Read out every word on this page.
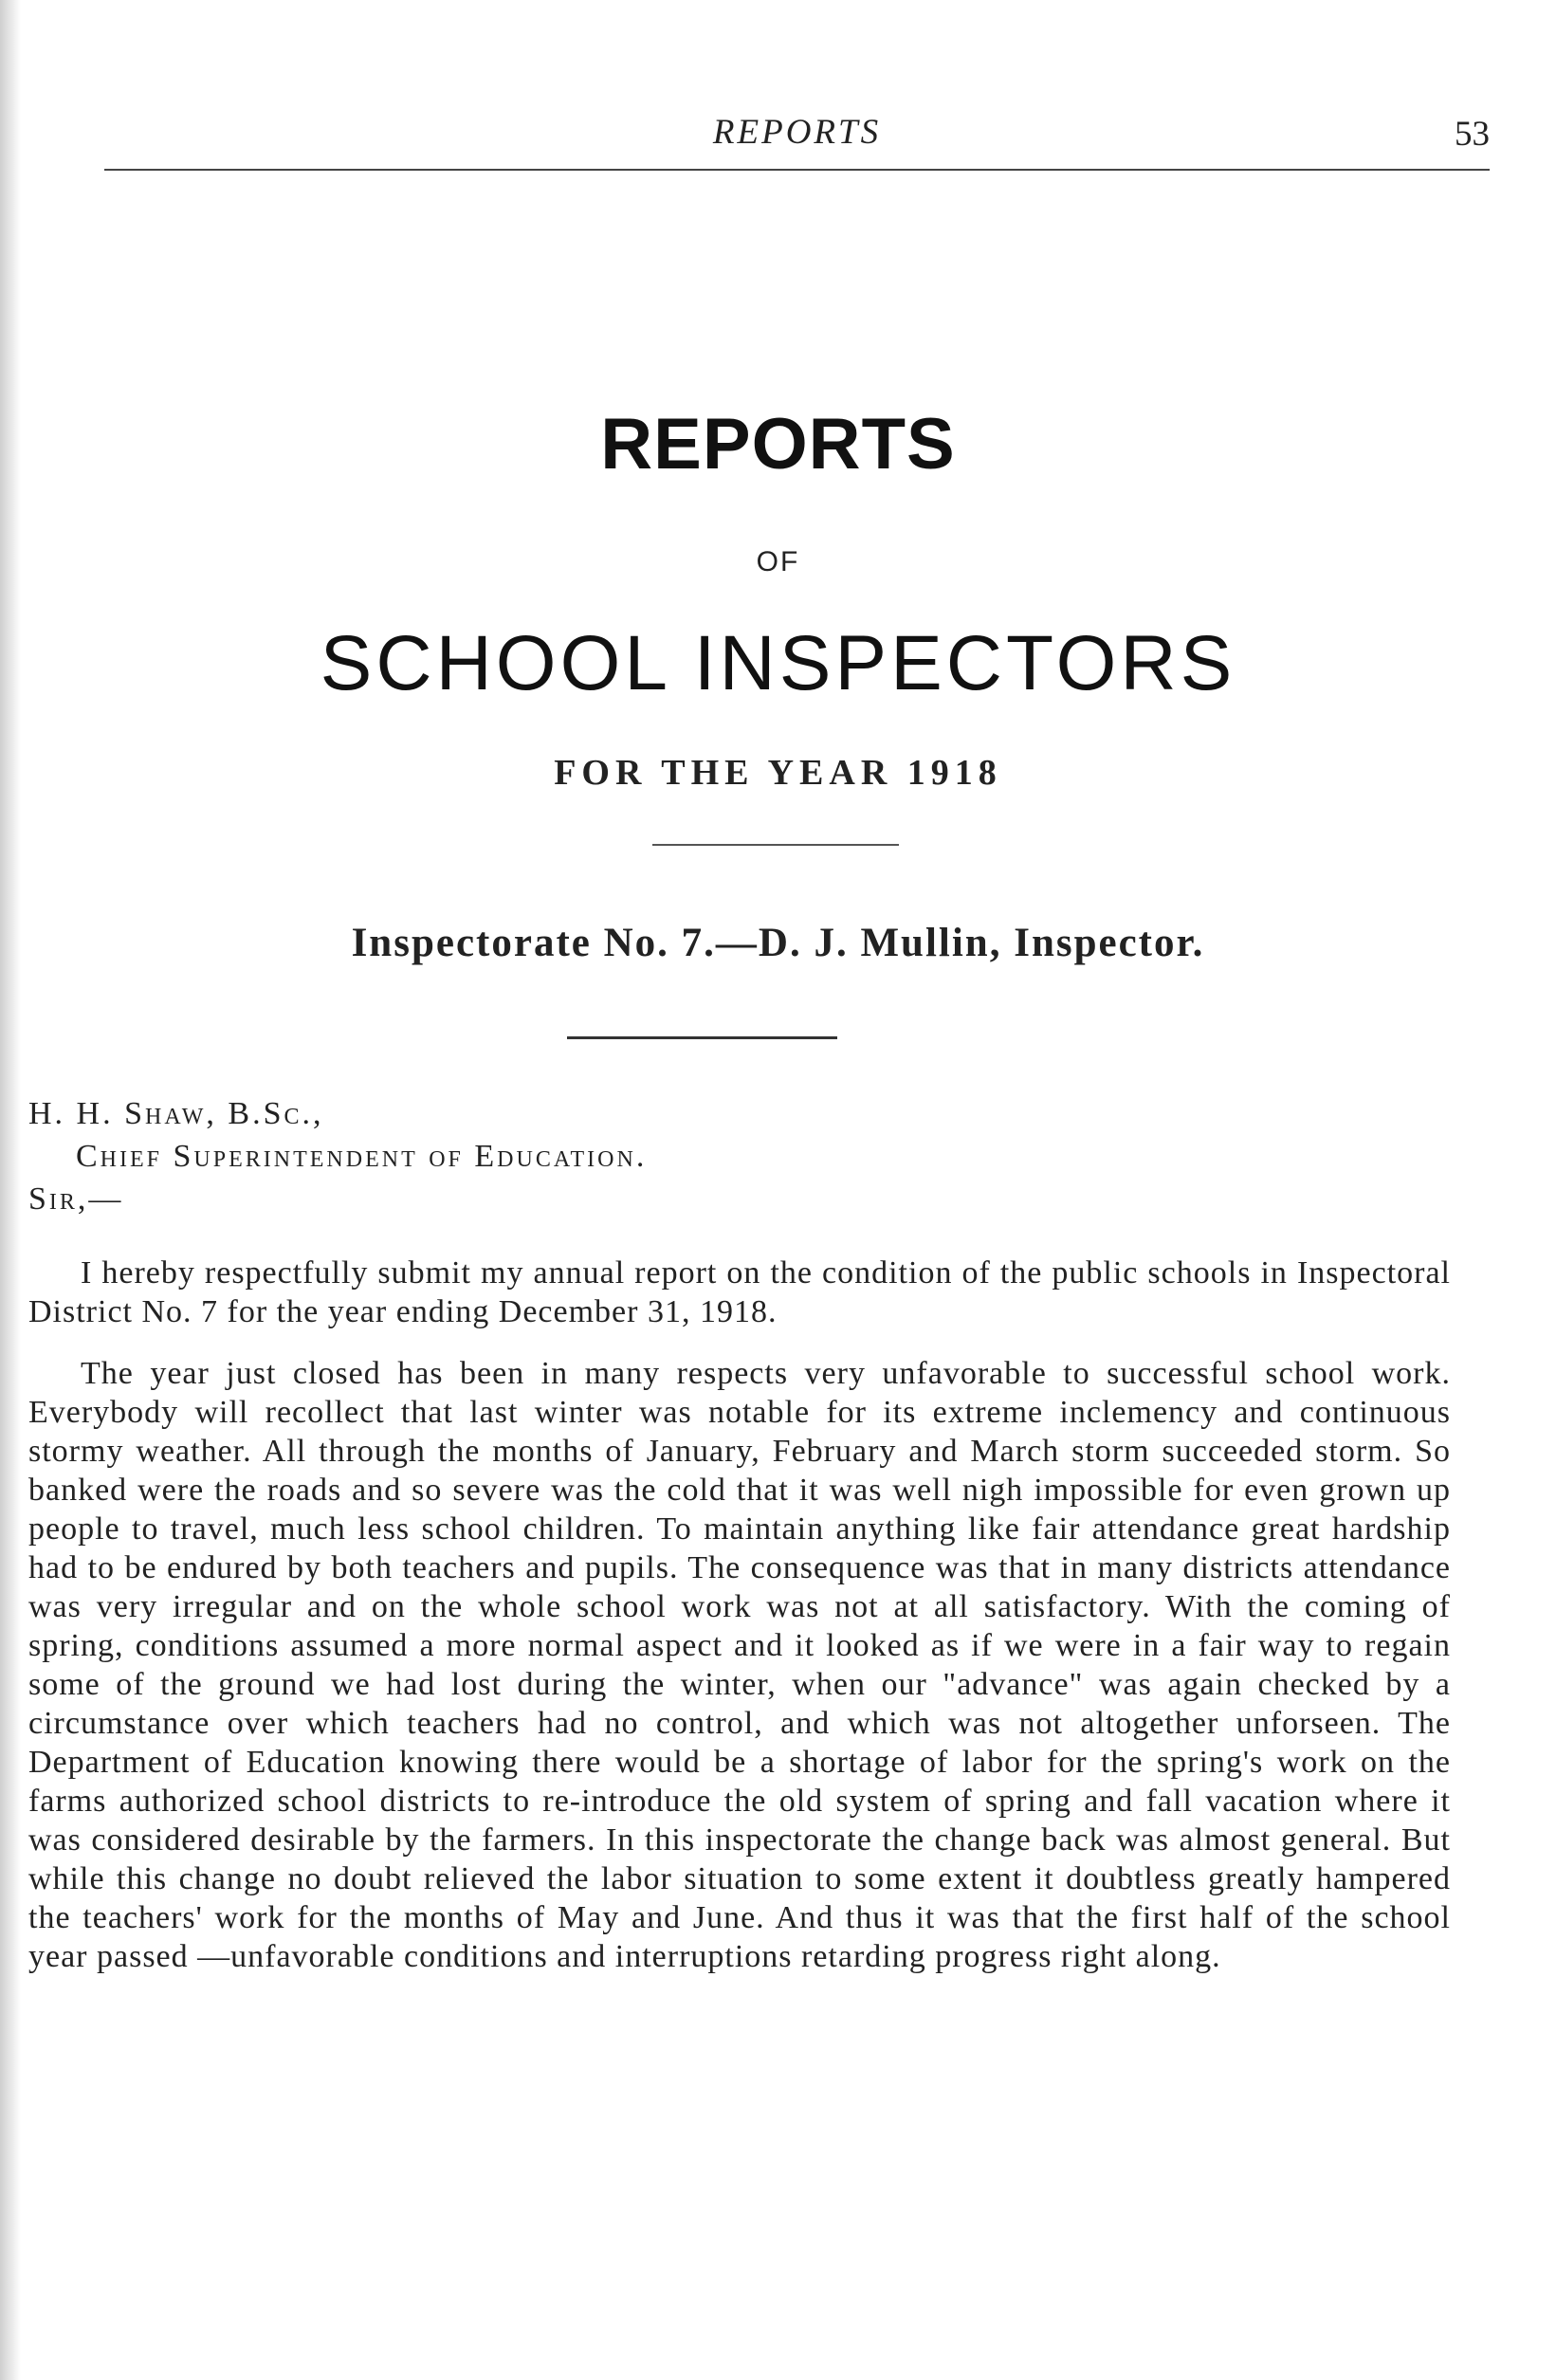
REPORTS	53
REPORTS
OF
SCHOOL INSPECTORS
FOR THE YEAR 1918
Inspectorate No. 7.—D. J. Mullin, Inspector.
H. H. Shaw, B.Sc.,
Chief Superintendent of Education.
Sir,—

I hereby respectfully submit my annual report on the condition of the public schools in Inspectoral District No. 7 for the year ending December 31, 1918.

The year just closed has been in many respects very unfavorable to successful school work. Everybody will recollect that last winter was notable for its extreme inclemency and continuous stormy weather. All through the months of January, February and March storm succeeded storm. So banked were the roads and so severe was the cold that it was well nigh impossible for even grown up people to travel, much less school children. To maintain anything like fair attendance great hardship had to be endured by both teachers and pupils. The consequence was that in many districts attendance was very irregular and on the whole school work was not at all satisfactory. With the coming of spring, conditions assumed a more normal aspect and it looked as if we were in a fair way to regain some of the ground we had lost during the winter, when our "advance" was again checked by a circumstance over which teachers had no control, and which was not altogether unforseen. The Department of Education knowing there would be a shortage of labor for the spring's work on the farms authorized school districts to re-introduce the old system of spring and fall vacation where it was considered desirable by the farmers. In this inspectorate the change back was almost general. But while this change no doubt relieved the labor situation to some extent it doubtless greatly hampered the teachers' work for the months of May and June. And thus it was that the first half of the school year passed —unfavorable conditions and interruptions retarding progress right along.
